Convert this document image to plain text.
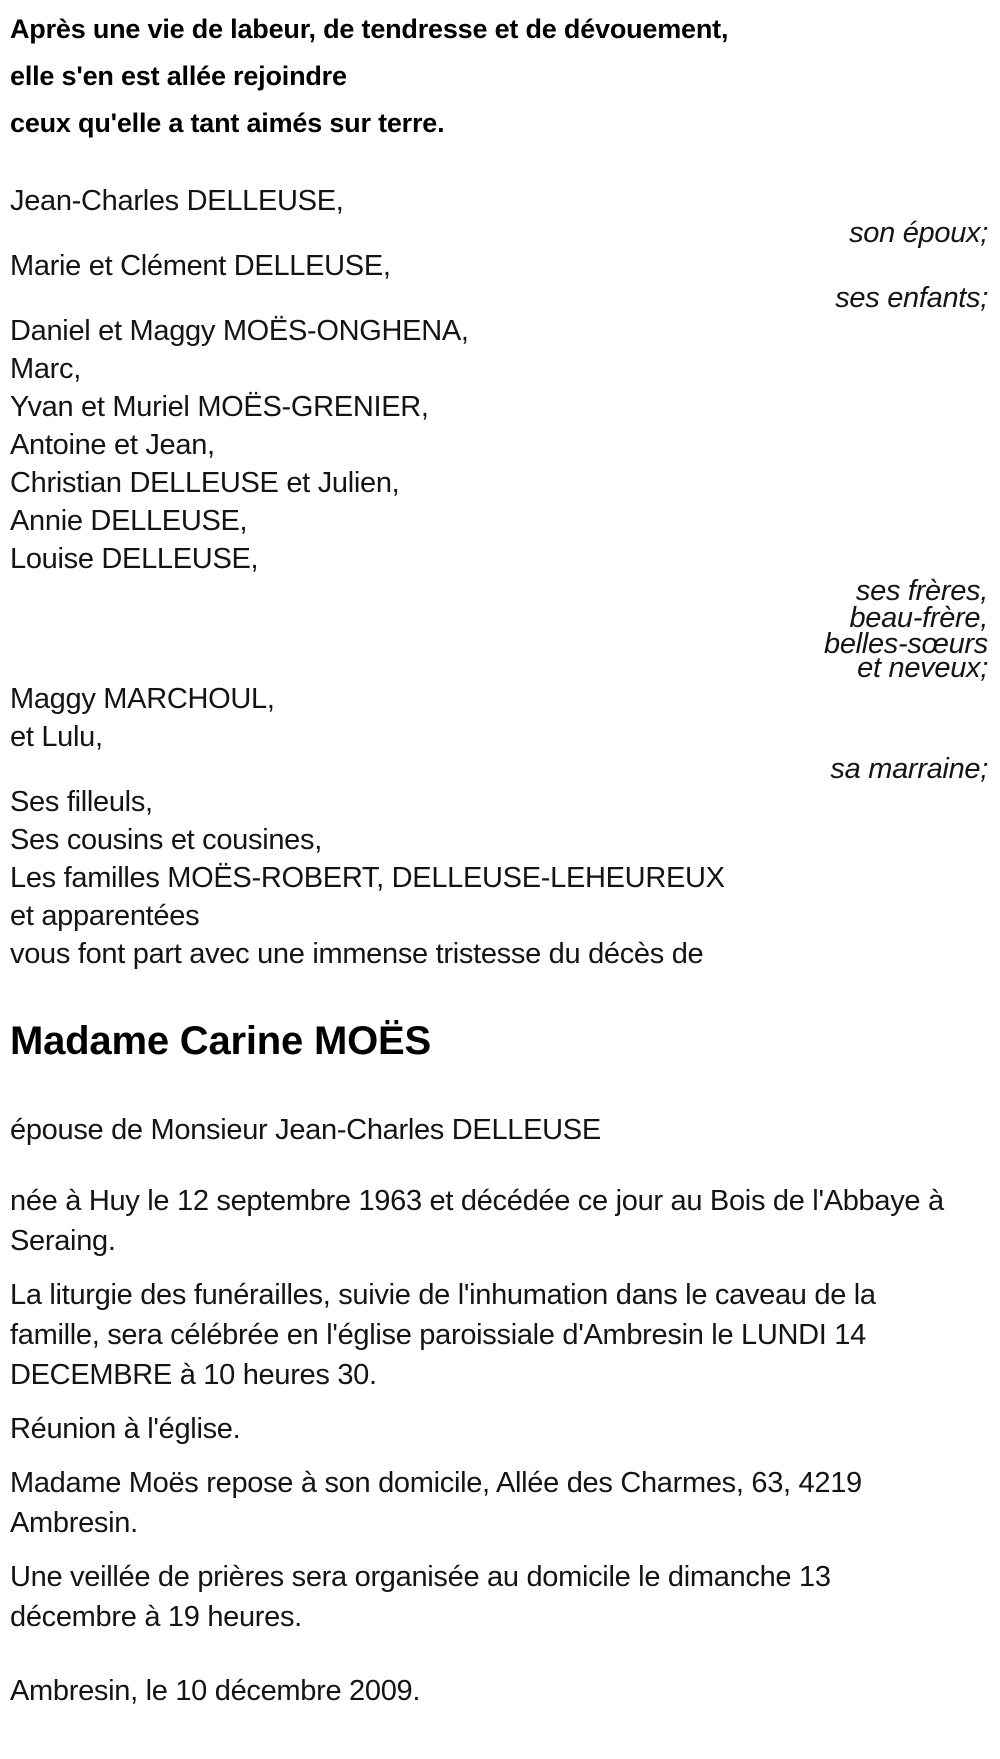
Après une vie de labeur, de tendresse et de dévouement,

elle s'en est allée rejoindre

ceux qu'elle a tant aimés sur terre.

Jean-Charles DELLEUSE,

son époux;

Marie et Clément DELLEUSE,

ses enfants;

Daniel et Maggy MOËS-ONGHENA,

Marc,

Yvan et Muriel MOËS-GRENIER,

Antoine et Jean,

Christian DELLEUSE et Julien,

Annie DELLEUSE,

Louise DELLEUSE,

ses frères,

beau-frère,

belles-sœurs
et neveux;

Maggy MARCHOUL,

et Lulu,

sa marraine;

Ses filleuls,

Ses cousins et cousines,

Les familles MOËS-ROBERT, DELLEUSE-LEHEUREUX

et apparentées

vous font part avec une immense tristesse du décès de

Madame Carine MOËS

épouse de Monsieur Jean-Charles DELLEUSE

née à Huy le 12 septembre 1963 et décédée ce jour au Bois de l'Abbaye à
Seraing.

La liturgie des funérailles, suivie de l'inhumation dans le caveau de la
famille, sera célébrée en l'église paroissiale d'Ambresin le LUNDI 14
DECEMBRE à 10 heures 30.

Réunion à l'église.

Madame Moës repose à son domicile, Allée des Charmes, 63, 4219
Ambresin.

Une veillée de prières sera organisée au domicile le dimanche 13
décembre à 19 heures.

Ambresin, le 10 décembre 2009.
